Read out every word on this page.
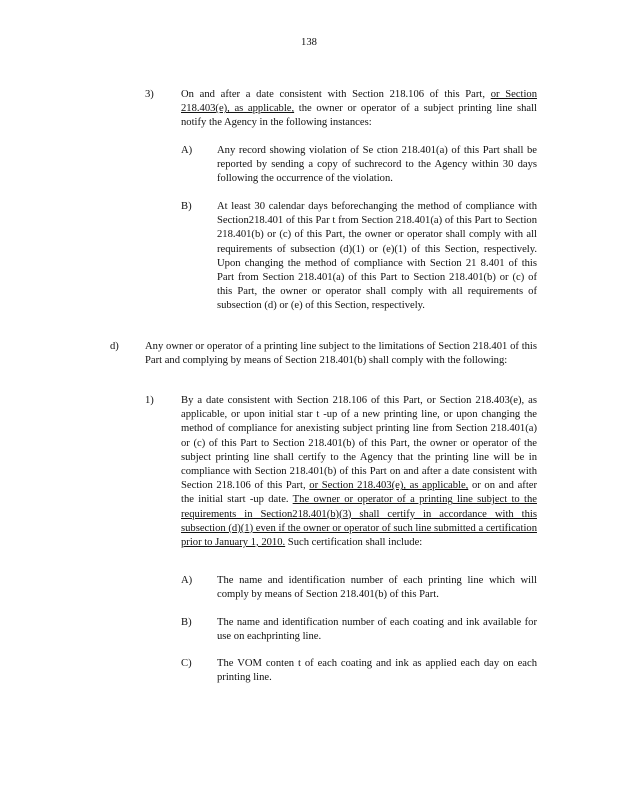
138
3)	On and after a date consistent with Section 218.106 of this Part, or Section 218.403(e), as applicable, the owner or operator of a subject printing line shall notify the Agency in the following instances:
A) Any record showing violation of Se ction 218.401(a) of this Part shall be reported by sending a copy of suchrecord to the Agency within 30 days following the occurrence of the violation.
B) At least 30 calendar days beforechanging the method of compliance with Section218.401 of this Par t from Section 218.401(a) of this Part to Section 218.401(b) or (c) of this Part, the owner or operator shall comply with all requirements of subsection (d)(1) or (e)(1) of this Section, respectively. Upon changing the method of compliance with Section 21 8.401 of this Part from Section 218.401(a) of this Part to Section 218.401(b) or (c) of this Part, the owner or operator shall comply with all requirements of subsection (d) or (e) of this Section, respectively.
d) Any owner or operator of a printing line subject to the limitations of Section 218.401 of this Part and complying by means of Section 218.401(b) shall comply with the following:
1)	By a date consistent with Section 218.106 of this Part, or Section 218.403(e), as applicable, or upon initial star t -up of a new printing line, or upon changing the method of compliance for anexisting subject printing line from Section 218.401(a) or (c) of this Part to Section 218.401(b) of this Part, the owner or operator of the subject printing line shall certify to the Agency that the printing line will be in compliance with Section 218.401(b) of this Part on and after a date consistent with Section 218.106 of this Part, or Section 218.403(e), as applicable, or on and after the initial start -up date. The owner or operator of a printing line subject to the requirements in Section218.401(b)(3) shall certify in accordance with this subsection (d)(1) even if the owner or operator of such line submitted a certification prior to January 1, 2010. Such certification shall include:
A) The name and identification number of each printing line which will comply by means of Section 218.401(b) of this Part.
B) The name and identification number of each coating and ink available for use on eachprinting line.
C) The VOM conten t of each coating and ink as applied each day on each printing line.
